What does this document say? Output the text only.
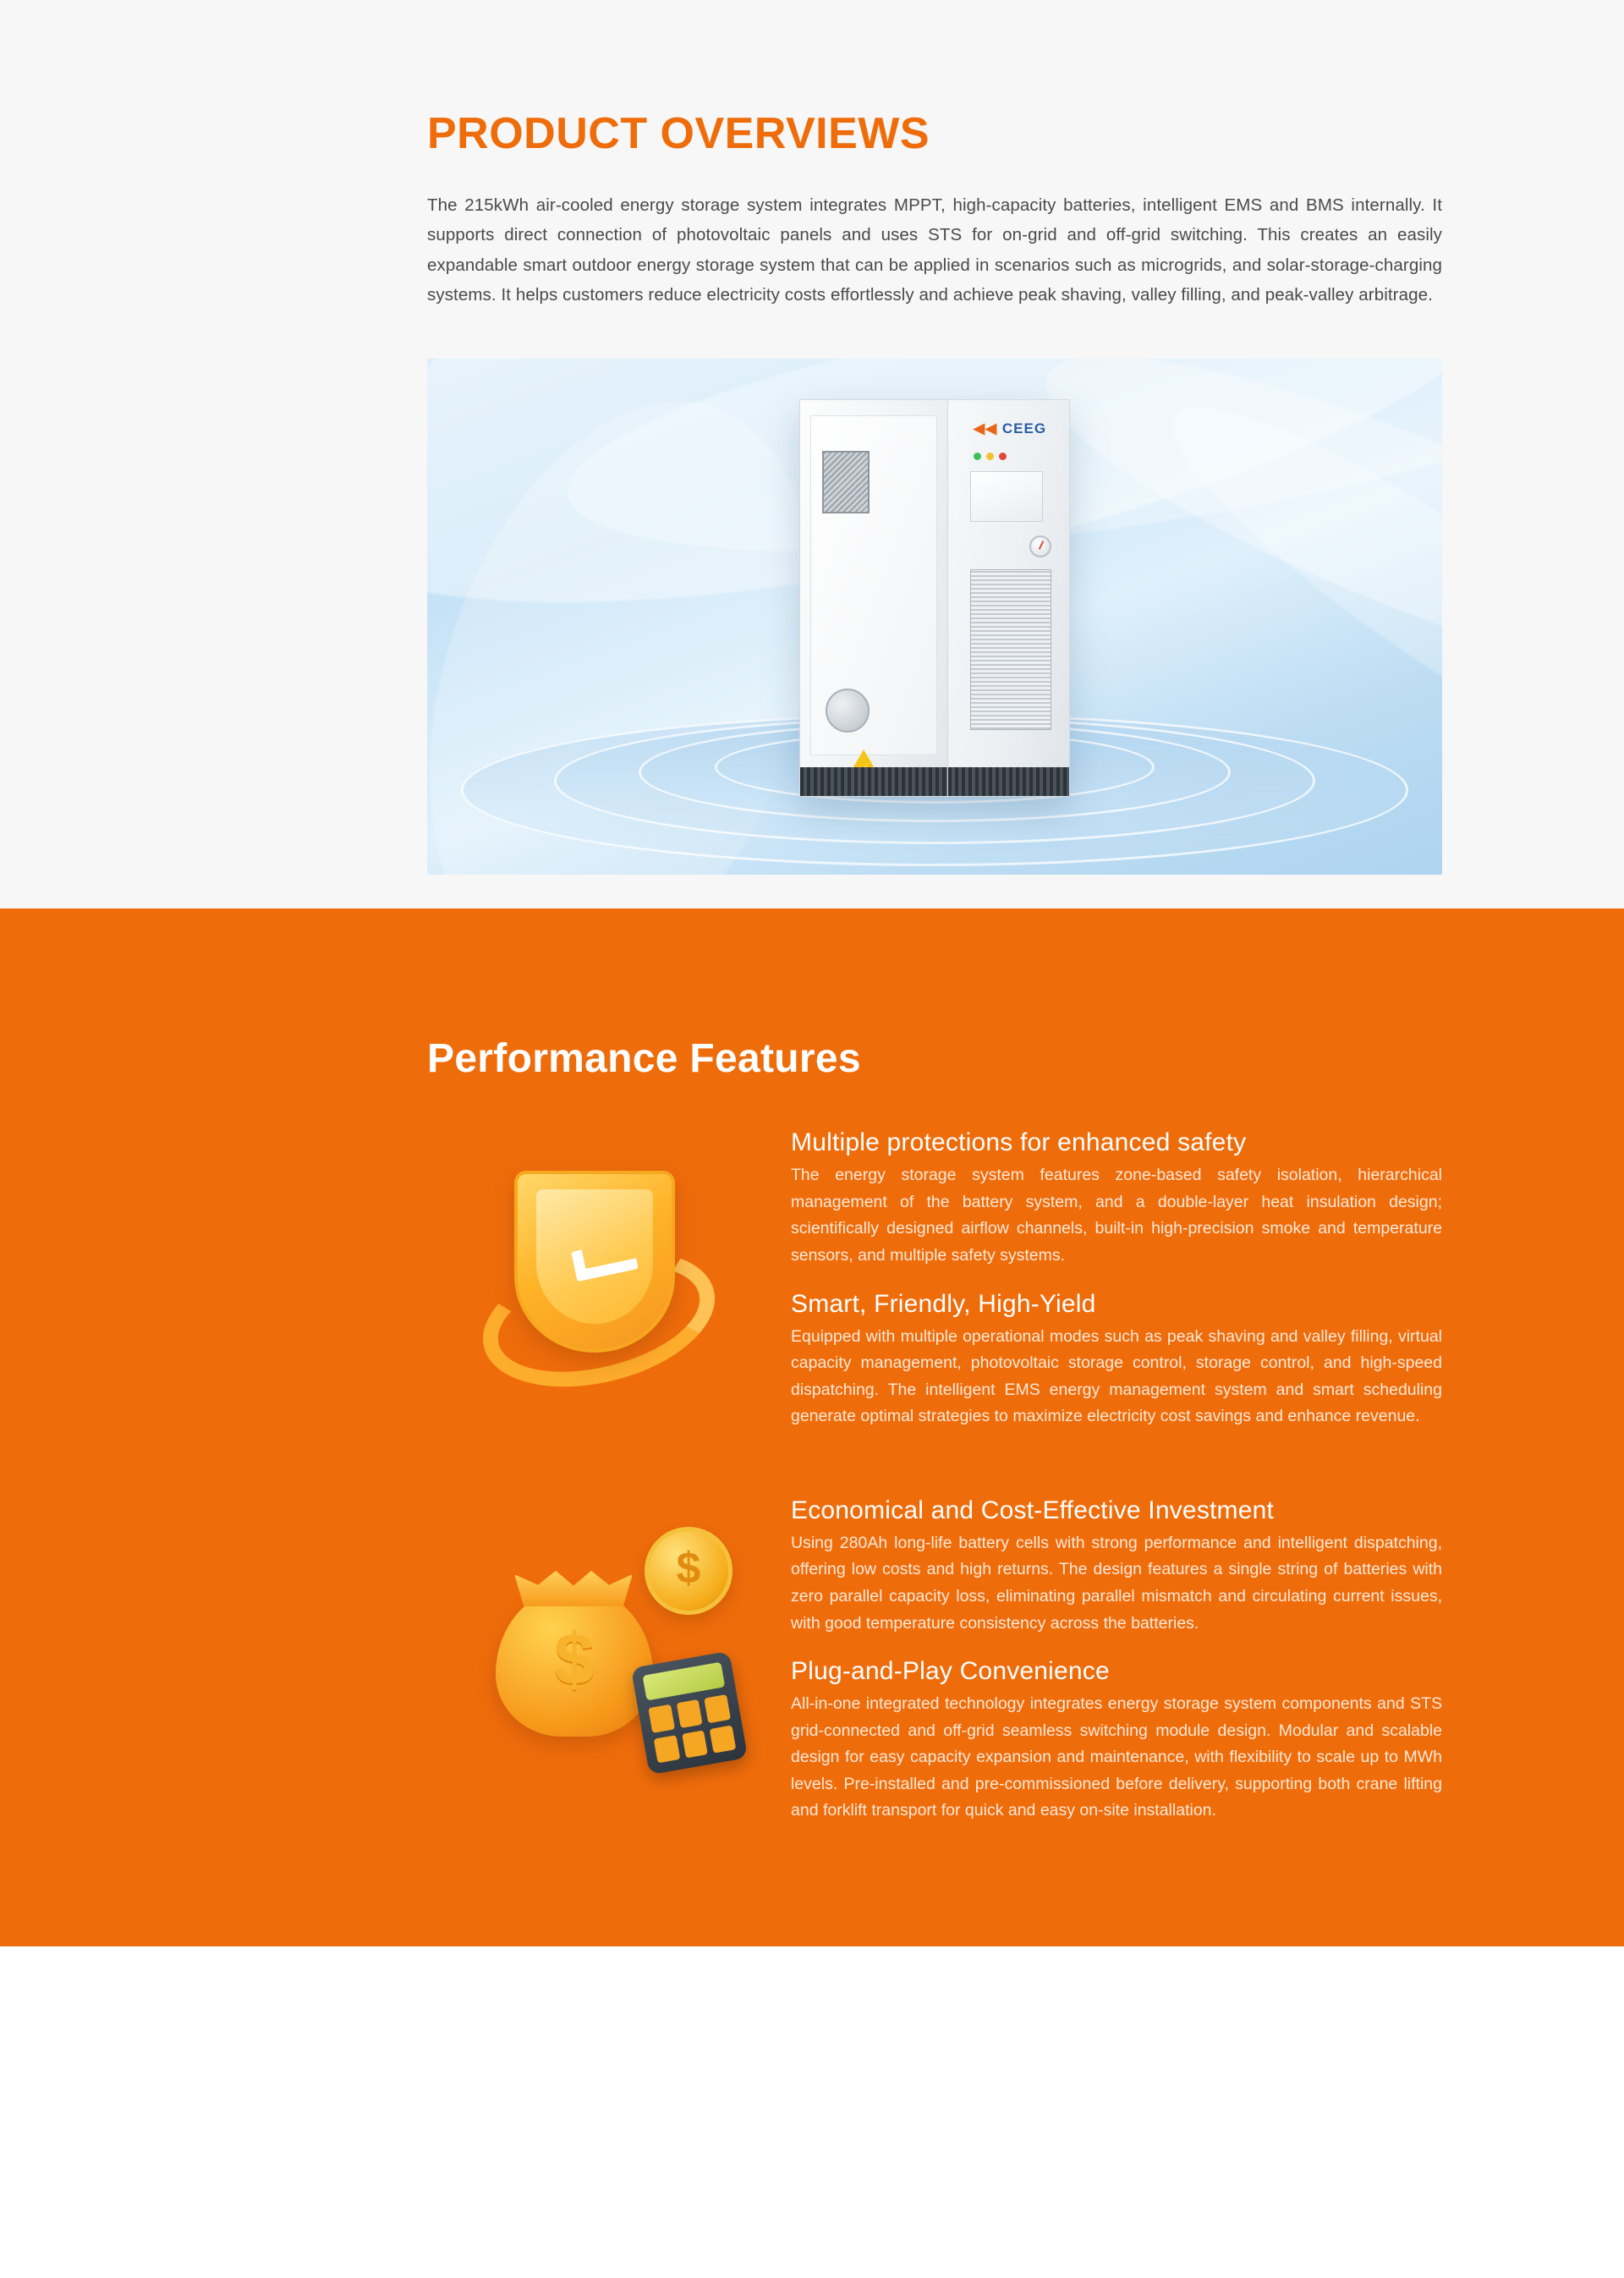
PRODUCT OVERVIEWS

The 215kWh air-cooled energy storage system integrates MPPT, high-capacity batteries, intelligent EMS and BMS internally. It supports direct connection of photovoltaic panels and uses STS for on-grid and off-grid switching. This creates an easily expandable smart outdoor energy storage system that can be applied in scenarios such as microgrids, and solar-storage-charging systems. It helps customers reduce electricity costs effortlessly and achieve peak shaving, valley filling, and peak-valley arbitrage.

⚡
◀◀ CEEG
Performance Features
Multiple protections for enhanced safety

The energy storage system features zone-based safety isolation, hierarchical management of the battery system, and a double-layer heat insulation design; scientifically designed airflow channels, built-in high-precision smoke and temperature sensors, and multiple safety systems.

Smart, Friendly, High-Yield

Equipped with multiple operational modes such as peak shaving and valley filling, virtual capacity management, photovoltaic storage control, storage control, and high-speed dispatching. The intelligent EMS energy management system and smart scheduling generate optimal strategies to maximize electricity cost savings and enhance revenue.

$
$
Economical and Cost-Effective Investment

Using 280Ah long-life battery cells with strong performance and intelligent dispatching, offering low costs and high returns. The design features a single string of batteries with zero parallel capacity loss, eliminating parallel mismatch and circulating current issues, with good temperature consistency across the batteries.

Plug-and-Play Convenience

All-in-one integrated technology integrates energy storage system components and STS grid-connected and off-grid seamless switching module design. Modular and scalable design for easy capacity expansion and maintenance, with flexibility to scale up to MWh levels. Pre-installed and pre-commissioned before delivery, supporting both crane lifting and forklift transport for quick and easy on-site installation.
